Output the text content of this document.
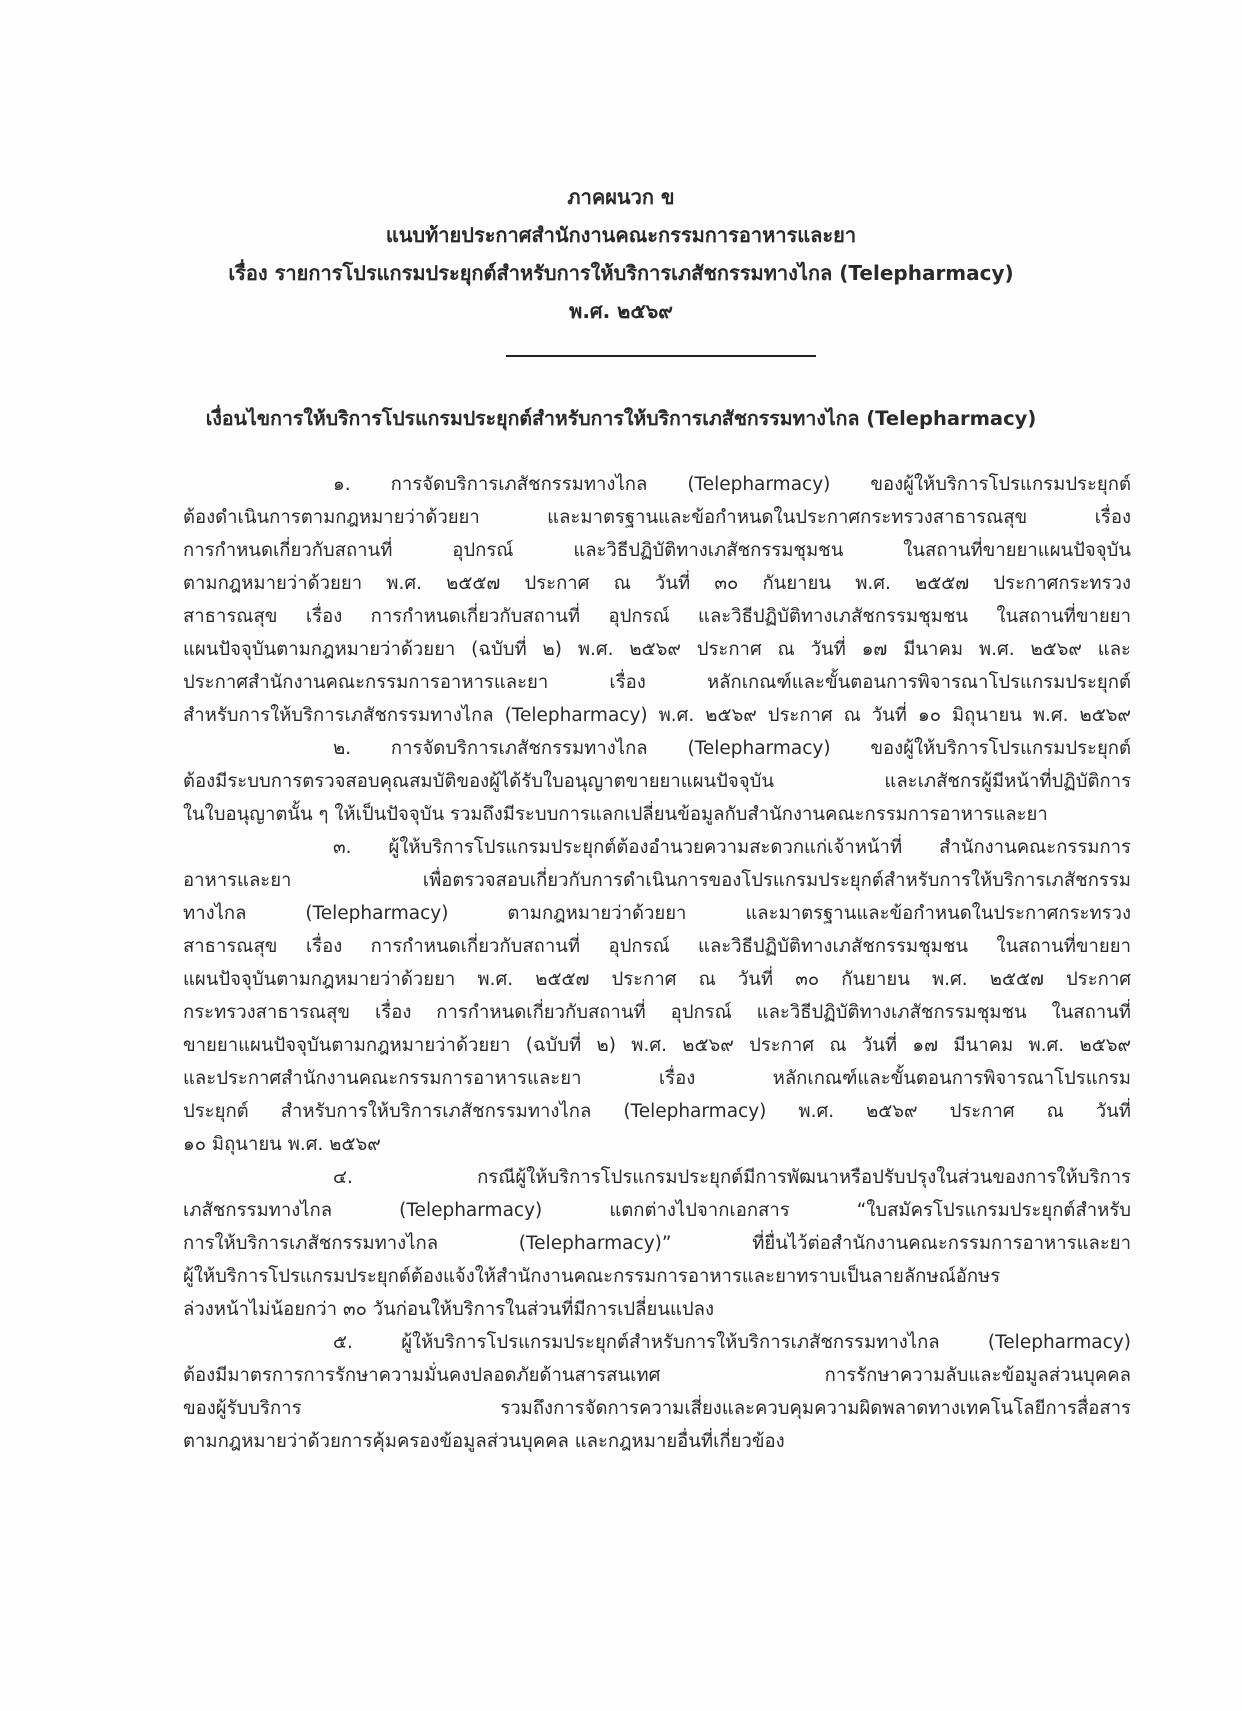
ภาคผนวก ข
แนบท้ายประกาศสำนักงานคณะกรรมการอาหารและยา
เรื่อง รายการโปรแกรมประยุกต์สำหรับการให้บริการเภสัชกรรมทางไกล (Telepharmacy)
พ.ศ. ๒๕๖๙
เงื่อนไขการให้บริการโปรแกรมประยุกต์สำหรับการให้บริการเภสัชกรรมทางไกล (Telepharmacy)
๑. การจัดบริการเภสัชกรรมทางไกล (Telepharmacy) ของผู้ให้บริการโปรแกรมประยุกต์
ต้องดำเนินการตามกฎหมายว่าด้วยยา และมาตรฐานและข้อกำหนดในประกาศกระทรวงสาธารณสุข เรื่อง
การกำหนดเกี่ยวกับสถานที่ อุปกรณ์ และวิธีปฏิบัติทางเภสัชกรรมชุมชน ในสถานที่ขายยาแผนปัจจุบัน
ตามกฎหมายว่าด้วยยา พ.ศ. ๒๕๕๗ ประกาศ ณ วันที่ ๓๐ กันยายน พ.ศ. ๒๕๕๗ ประกาศกระทรวง
สาธารณสุข เรื่อง การกำหนดเกี่ยวกับสถานที่ อุปกรณ์ และวิธีปฏิบัติทางเภสัชกรรมชุมชน ในสถานที่ขายยา
แผนปัจจุบันตามกฎหมายว่าด้วยยา (ฉบับที่ ๒) พ.ศ. ๒๕๖๙ ประกาศ ณ วันที่ ๑๗ มีนาคม พ.ศ. ๒๕๖๙ และ
ประกาศสำนักงานคณะกรรมการอาหารและยา เรื่อง หลักเกณฑ์และขั้นตอนการพิจารณาโปรแกรมประยุกต์
สำหรับการให้บริการเภสัชกรรมทางไกล (Telepharmacy) พ.ศ. ๒๕๖๙ ประกาศ ณ วันที่ ๑๐ มิถุนายน พ.ศ. ๒๕๖๙
๒. การจัดบริการเภสัชกรรมทางไกล (Telepharmacy) ของผู้ให้บริการโปรแกรมประยุกต์
ต้องมีระบบการตรวจสอบคุณสมบัติของผู้ได้รับใบอนุญาตขายยาแผนปัจจุบัน และเภสัชกรผู้มีหน้าที่ปฏิบัติการ
ในใบอนุญาตนั้น ๆ ให้เป็นปัจจุบัน รวมถึงมีระบบการแลกเปลี่ยนข้อมูลกับสำนักงานคณะกรรมการอาหารและยา
๓. ผู้ให้บริการโปรแกรมประยุกต์ต้องอำนวยความสะดวกแก่เจ้าหน้าที่ สำนักงานคณะกรรมการ
อาหารและยา เพื่อตรวจสอบเกี่ยวกับการดำเนินการของโปรแกรมประยุกต์สำหรับการให้บริการเภสัชกรรม
ทางไกล (Telepharmacy) ตามกฎหมายว่าด้วยยา และมาตรฐานและข้อกำหนดในประกาศกระทรวง
สาธารณสุข เรื่อง การกำหนดเกี่ยวกับสถานที่ อุปกรณ์ และวิธีปฏิบัติทางเภสัชกรรมชุมชน ในสถานที่ขายยา
แผนปัจจุบันตามกฎหมายว่าด้วยยา พ.ศ. ๒๕๕๗ ประกาศ ณ วันที่ ๓๐ กันยายน พ.ศ. ๒๕๕๗ ประกาศ
กระทรวงสาธารณสุข เรื่อง การกำหนดเกี่ยวกับสถานที่ อุปกรณ์ และวิธีปฏิบัติทางเภสัชกรรมชุมชน ในสถานที่
ขายยาแผนปัจจุบันตามกฎหมายว่าด้วยยา (ฉบับที่ ๒) พ.ศ. ๒๕๖๙ ประกาศ ณ วันที่ ๑๗ มีนาคม พ.ศ. ๒๕๖๙
และประกาศสำนักงานคณะกรรมการอาหารและยา เรื่อง หลักเกณฑ์และขั้นตอนการพิจารณาโปรแกรม
ประยุกต์ สำหรับการให้บริการเภสัชกรรมทางไกล (Telepharmacy) พ.ศ. ๒๕๖๙ ประกาศ ณ วันที่
๑๐ มิถุนายน พ.ศ. ๒๕๖๙
๔. กรณีผู้ให้บริการโปรแกรมประยุกต์มีการพัฒนาหรือปรับปรุงในส่วนของการให้บริการ
เภสัชกรรมทางไกล (Telepharmacy) แตกต่างไปจากเอกสาร “ใบสมัครโปรแกรมประยุกต์สำหรับ
การให้บริการเภสัชกรรมทางไกล (Telepharmacy)” ที่ยื่นไว้ต่อสำนักงานคณะกรรมการอาหารและยา
ผู้ให้บริการโปรแกรมประยุกต์ต้องแจ้งให้สำนักงานคณะกรรมการอาหารและยาทราบเป็นลายลักษณ์อักษร
ล่วงหน้าไม่น้อยกว่า ๓๐ วันก่อนให้บริการในส่วนที่มีการเปลี่ยนแปลง
๕. ผู้ให้บริการโปรแกรมประยุกต์สำหรับการให้บริการเภสัชกรรมทางไกล (Telepharmacy)
ต้องมีมาตรการการรักษาความมั่นคงปลอดภัยด้านสารสนเทศ การรักษาความลับและข้อมูลส่วนบุคคล
ของผู้รับบริการ รวมถึงการจัดการความเสี่ยงและควบคุมความผิดพลาดทางเทคโนโลยีการสื่อสาร
ตามกฎหมายว่าด้วยการคุ้มครองข้อมูลส่วนบุคคล และกฎหมายอื่นที่เกี่ยวข้อง
